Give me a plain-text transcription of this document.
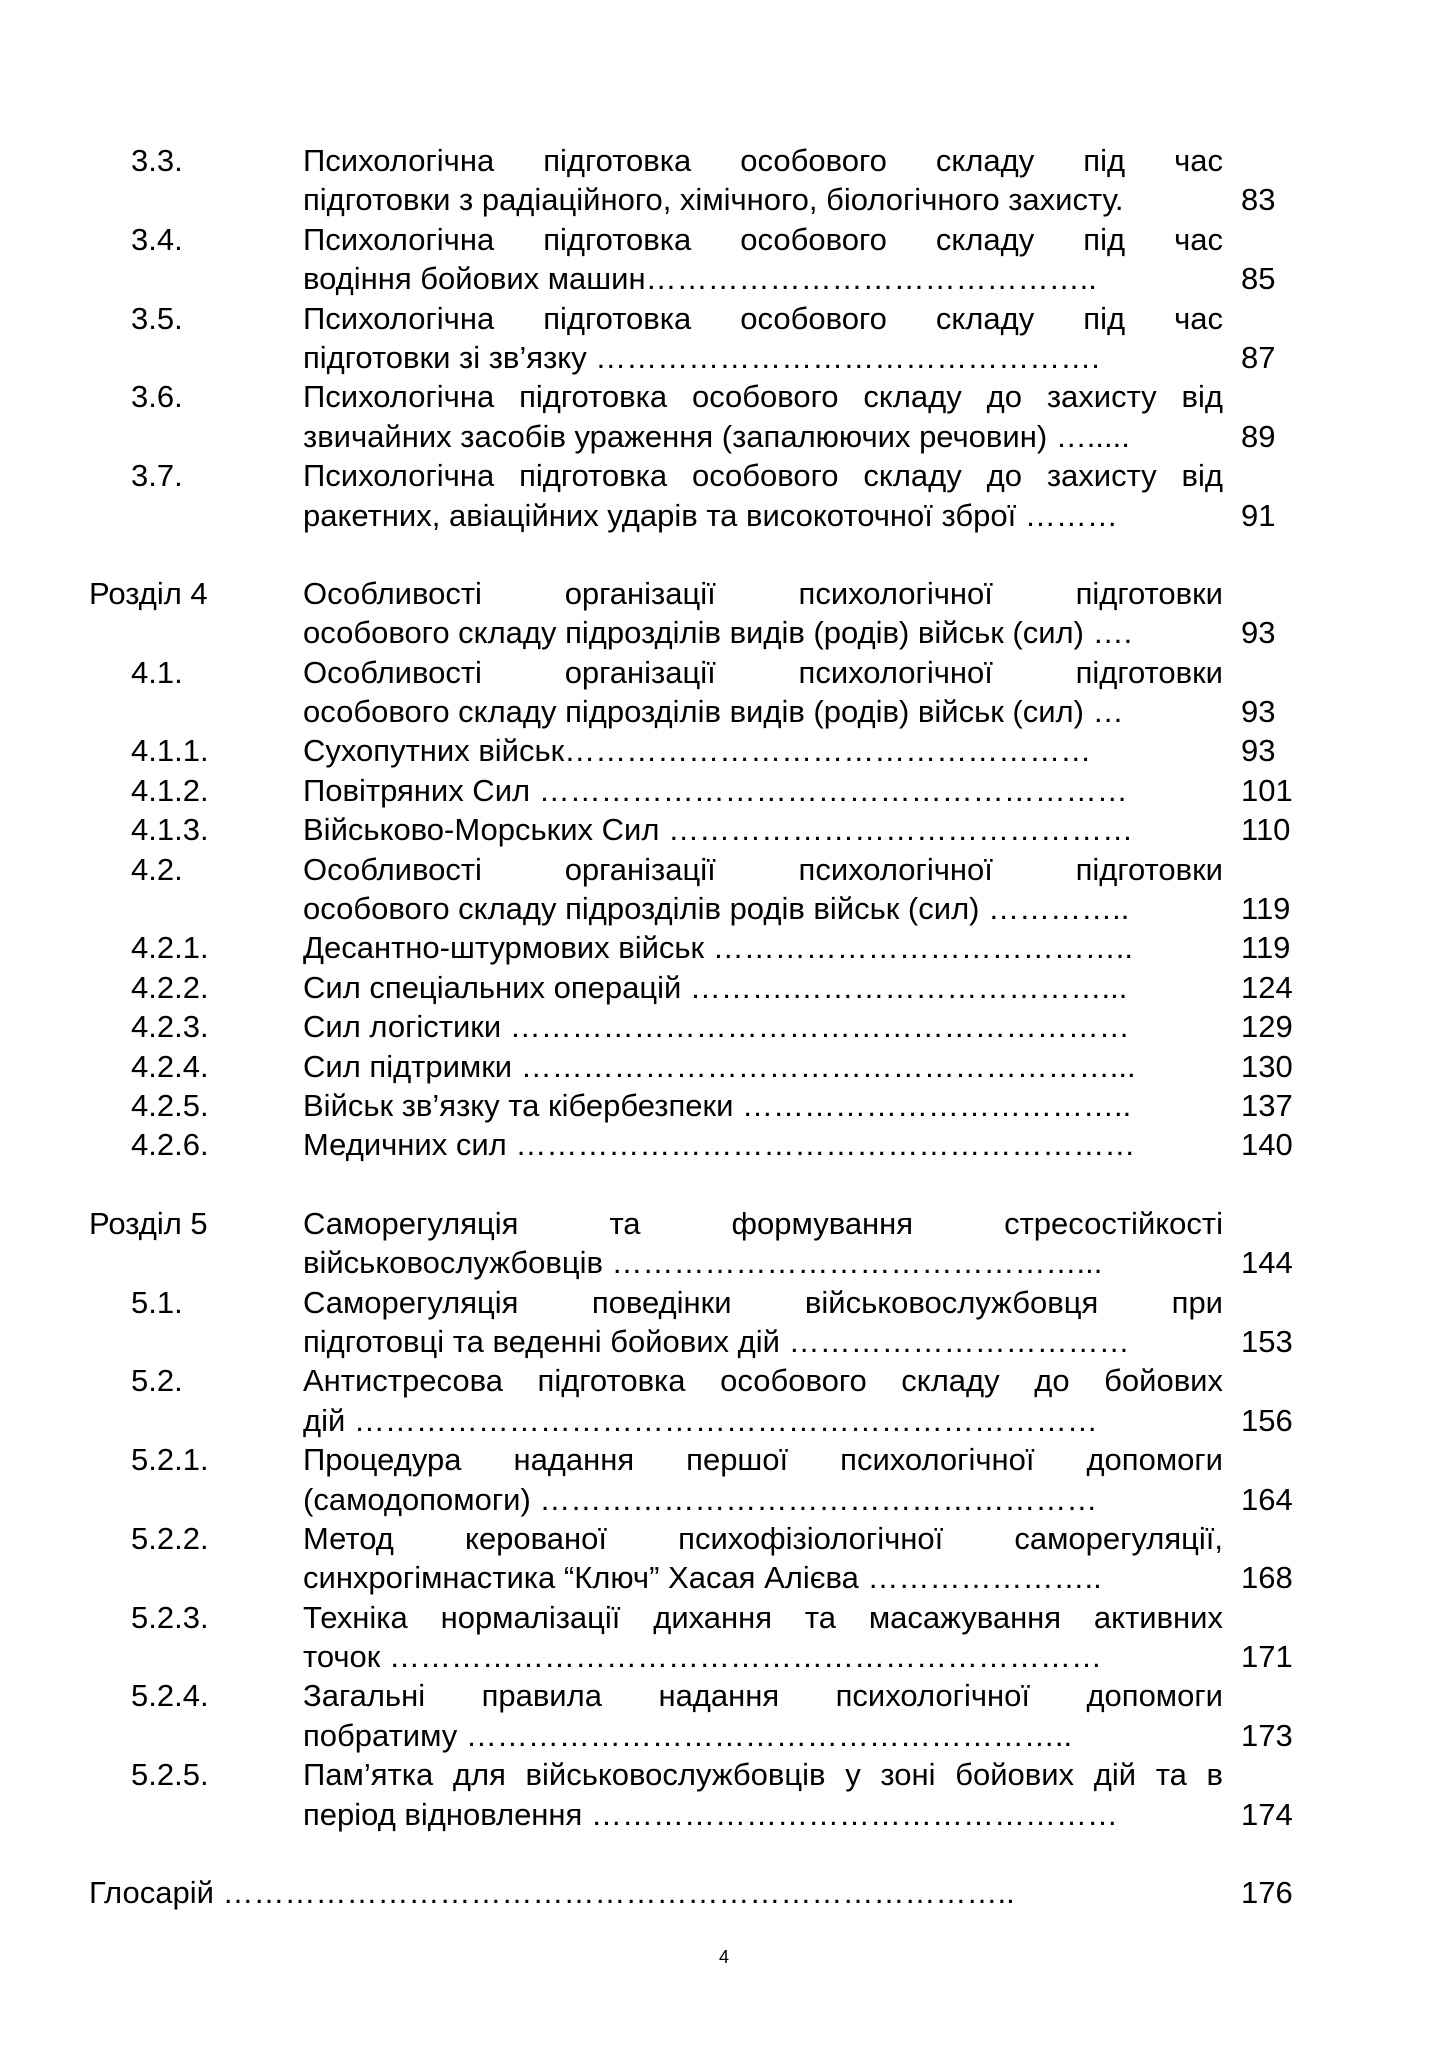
3.3.	Психологічна підготовка особового складу під час
підготовки з радіаційного, хімічного, біологічного захисту.	83
3.4.	Психологічна підготовка особового складу під час
водіння бойових машин……………………………………..	85
3.5.	Психологічна підготовка особового складу під час
підготовки зі зв’язку ………………………………………….	87
3.6.	Психологічна підготовка особового складу до захисту від
звичайних засобів ураження (запалюючих речовин) ….....	89
3.7.	Психологічна підготовка особового складу до захисту від
ракетних, авіаційних ударів та високоточної зброї ………	91
Розділ 4	Особливості організації психологічної підготовки
особового складу підрозділів видів (родів) військ (сил) ….	93
4.1.	Особливості організації психологічної підготовки
особового складу підрозділів видів (родів) військ (сил) …	93
4.1.1.	Сухопутних військ……………………………………………	93
4.1.2.	Повітряних Сил …………………………………………………	101
4.1.3.	Військово-Морських Сил ………………………………………	110
4.2.	Особливості організації психологічної підготовки
особового складу підрозділів родів військ (сил) …………..	119
4.2.1.	Десантно-штурмових військ …………………………………..	119
4.2.2.	Сил спеціальних операцій ……….…………………………...	124
4.2.3.	Сил логістики ……………………………………………………	129
4.2.4.	Сил підтримки …………………………………………………...	130
4.2.5.	Військ зв’язку та кібербезпеки ………………………………..	137
4.2.6.	Медичних сил ……………………………………………………	140
Розділ 5	Саморегуляція та формування стресостійкості
військовослужбовців ………………………………………...	144
5.1.	Саморегуляція поведінки військовослужбовця при
підготовці та веденні бойових дій ……………………………	153
5.2.	Антистресова підготовка особового складу до бойових
дій ………………………………………………………………	156
5.2.1.	Процедура надання першої психологічної допомоги
(самодопомоги) ………………………………………………	164
5.2.2.	Метод керованої психофізіологічної саморегуляції,
синхрогімнастика “Ключ” Хасая Алієва …………………..	168
5.2.3.	Техніка нормалізації дихання та масажування активних
точок ……………………………………………………………	171
5.2.4.	Загальні правила надання психологічної допомоги
побратиму …………………………………………………..	173
5.2.5.	Пам’ятка для військовослужбовців у зоні бойових дій та в
період відновлення ……………………………………………	174
Глосарій …………………………………………………………………..	176
4
